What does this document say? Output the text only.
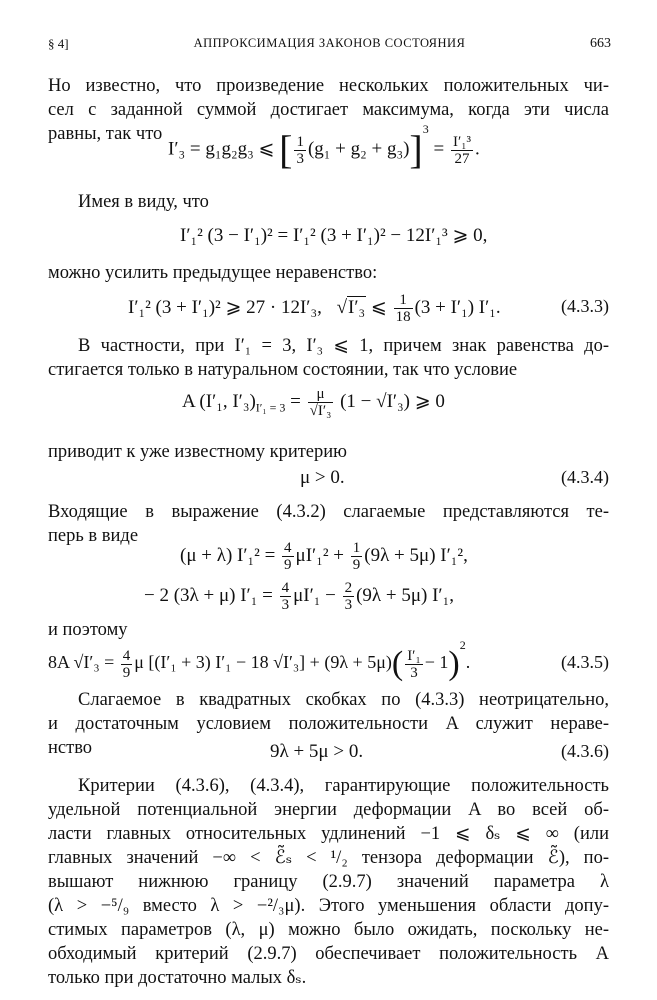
§ 4]	АППРОКСИМАЦИЯ ЗАКОНОВ СОСТОЯНИЯ	663
Но известно, что произведение нескольких положительных чи-
сел с заданной суммой достигает максимума, когда эти числа
равны, так что
I′₃ = g₁g₂g₃ ⩽ [ $\frac{1}{3} (g_1 + g_2 + g_3)]^3 = \frac{\text{I′₁³}}{27}$ .
Имея в виду, что
I′₁² (3 − I′₁)² = I′₁² (3 + I′₁)² − 12I′₁³ ⩾ 0,
можно усилить предыдущее неравенство:
I′₁² (3 + I′₁)² ⩾ 27 · 12I′₃, √I′₃ ⩽ $\frac{1}{18} (3 + I'_1)$ I′₁.	(4.3.3)
В частности, при I′₁ = 3, I′₃ ⩽ 1, причем знак равенства до-
стигается только в натуральном состоянии, так что условие
A (I′₁, $I'_3)_{I'_1 = 3} = \frac{\mu}{\text{√I′₃}} (1 - √I'_3)$ ⩾ 0
приводит к уже известному критерию
μ > 0.	(4.3.4)
Входящие в выражение (4.3.2) слагаемые представляются те-
перь в виде
(μ + λ) $I'_1^2 = \frac{4}{9} \mu I'_1^2 + \frac{1}{9} (9\lambda + 5\mu)$ I′₁²,
− 2 (3λ + μ) $I'_1 = \frac{4}{3} \mu I'_1 - \frac{2}{3} (9\lambda + 5\mu)$ I′₁,
и поэтому
8A $√I'_3 = \frac{4}{9}$ μ [(I′₁ + 3) I′₁ − 18 $√I'_3] + (9\lambda + 5\mu)( \frac{\text{I′₁}}{3} - 1)^2$.	(4.3.5)
Слагаемое в квадратных скобках по (4.3.3) неотрицательно,
и достаточным условием положительности A служит нераве-
нство	9λ + 5μ > 0.	(4.3.6)
Критерии (4.3.6), (4.3.4), гарантирующие положительность
удельной потенциальной энергии деформации A во всей об-
ласти главных относительных удлинений −1 ⩽ δₛ ⩽ ∞ (или
главных значений −∞ < ℰ̃ₛ < ¹/₂ тензора деформации ℰ̃), по-
вышают нижнюю границу (2.9.7) значений параметра λ
(λ > −⁵/₉ вместо λ > −²/₃μ). Этого уменьшения области допу-
стимых параметров (λ, μ) можно было ожидать, поскольку не-
обходимый критерий (2.9.7) обеспечивает положительность A
только при достаточно малых δₛ.
